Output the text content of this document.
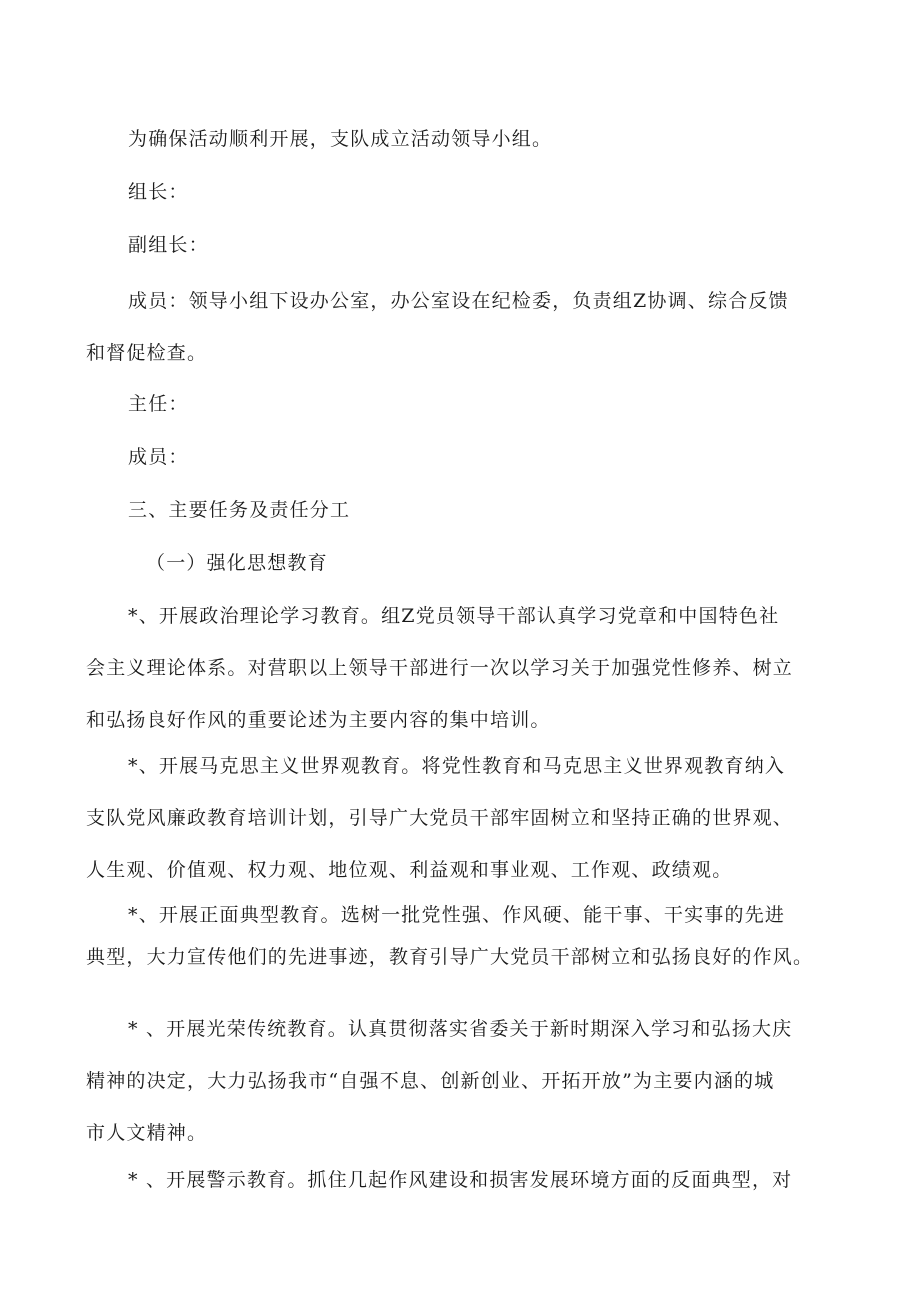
为确保活动顺利开展，支队成立活动领导小组。
组长：
副组长：
成员：领导小组下设办公室，办公室设在纪检委，负责组Z协调、综合反馈
和督促检查。
主任：
成员：
三、主要任务及责任分工
（一）强化思想教育
*、开展政治理论学习教育。组Z党员领导干部认真学习党章和中国特色社
会主义理论体系。对营职以上领导干部进行一次以学习关于加强党性修养、树立
和弘扬良好作风的重要论述为主要内容的集中培训。
*、开展马克思主义世界观教育。将党性教育和马克思主义世界观教育纳入
支队党风廉政教育培训计划，引导广大党员干部牢固树立和坚持正确的世界观、
人生观、价值观、权力观、地位观、利益观和事业观、工作观、政绩观。
*、开展正面典型教育。选树一批党性强、作风硬、能干事、干实事的先进
典型，大力宣传他们的先进事迹，教育引导广大党员干部树立和弘扬良好的作风。
* 、开展光荣传统教育。认真贯彻落实省委关于新时期深入学习和弘扬大庆
精神的决定，大力弘扬我市“自强不息、创新创业、开拓开放”为主要内涵的城
市人文精神。
* 、开展警示教育。抓住几起作风建设和损害发展环境方面的反面典型，对
